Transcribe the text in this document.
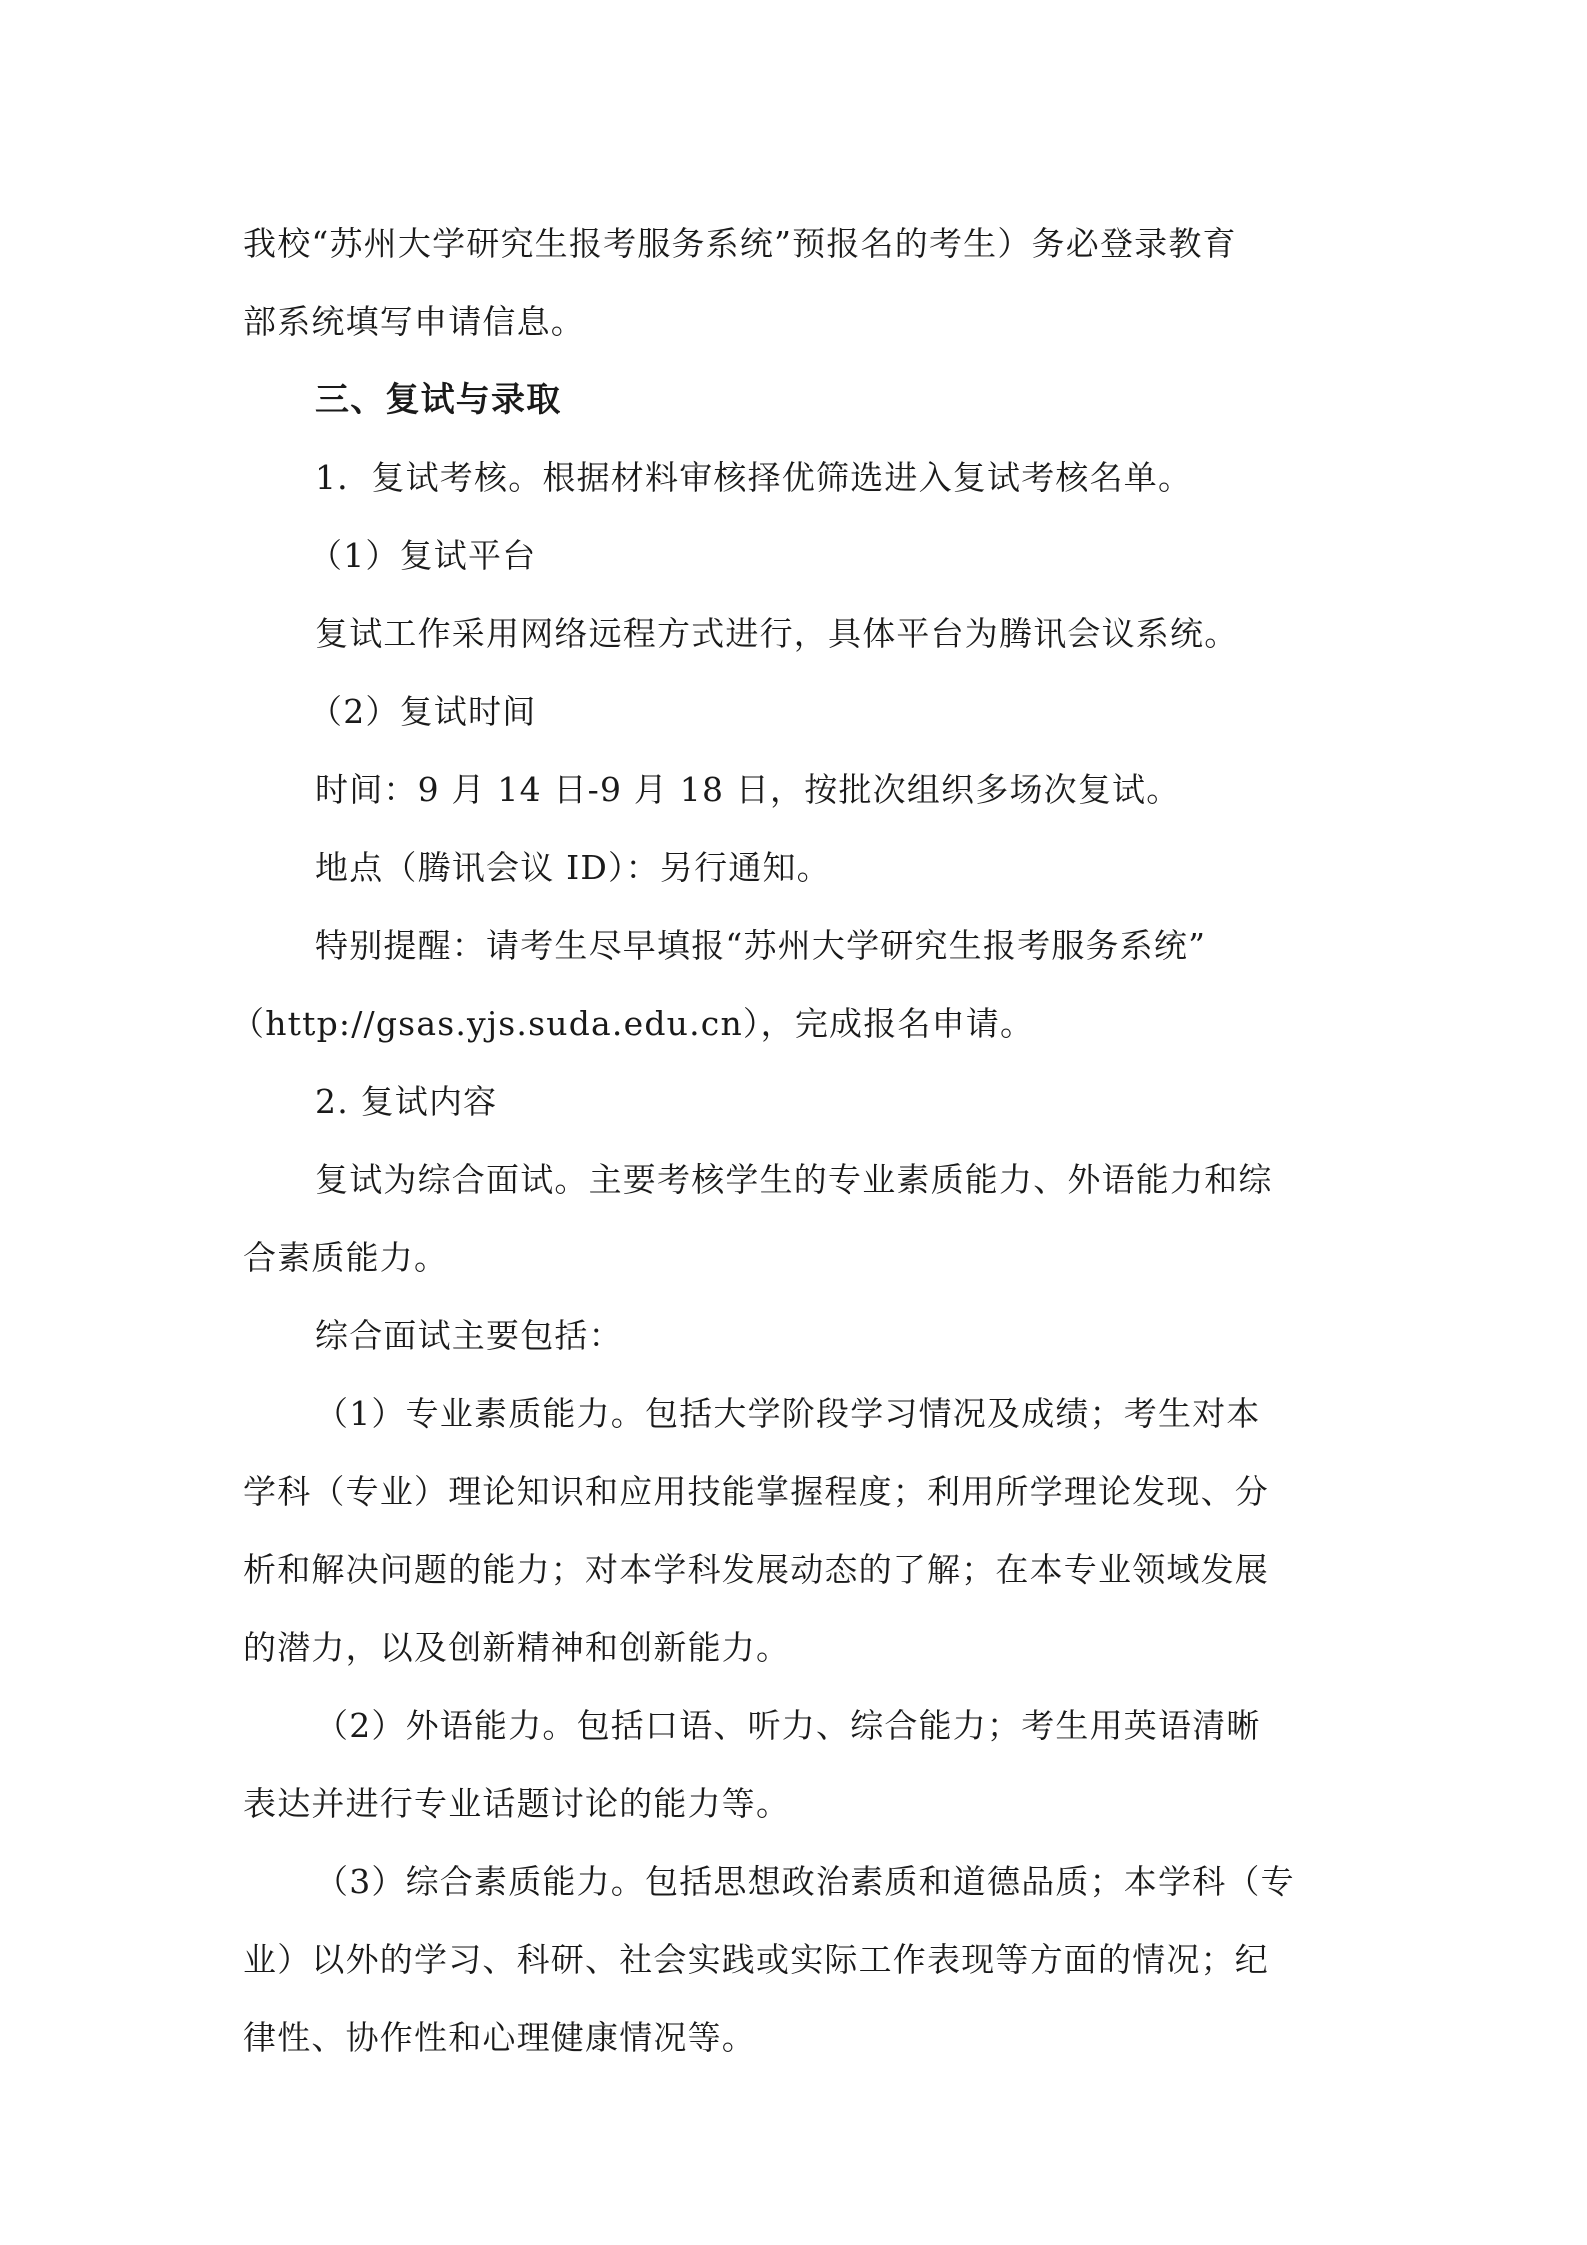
我校“苏州大学研究生报考服务系统”预报名的考生）务必登录教育
部系统填写申请信息。
三、复试与录取
1．复试考核。根据材料审核择优筛选进入复试考核名单。
（1）复试平台
复试工作采用网络远程方式进行，具体平台为腾讯会议系统。
（2）复试时间
时间：9 月 14 日-9 月 18 日，按批次组织多场次复试。
地点（腾讯会议 ID）：另行通知。
特别提醒：请考生尽早填报“苏州大学研究生报考服务系统”
（http://gsas.yjs.suda.edu.cn），完成报名申请。
2. 复试内容
复试为综合面试。主要考核学生的专业素质能力、外语能力和综
合素质能力。
综合面试主要包括：
（1）专业素质能力。包括大学阶段学习情况及成绩；考生对本
学科（专业）理论知识和应用技能掌握程度；利用所学理论发现、分
析和解决问题的能力；对本学科发展动态的了解；在本专业领域发展
的潜力，以及创新精神和创新能力。
（2）外语能力。包括口语、听力、综合能力；考生用英语清晰
表达并进行专业话题讨论的能力等。
（3）综合素质能力。包括思想政治素质和道德品质；本学科（专
业）以外的学习、科研、社会实践或实际工作表现等方面的情况；纪
律性、协作性和心理健康情况等。
